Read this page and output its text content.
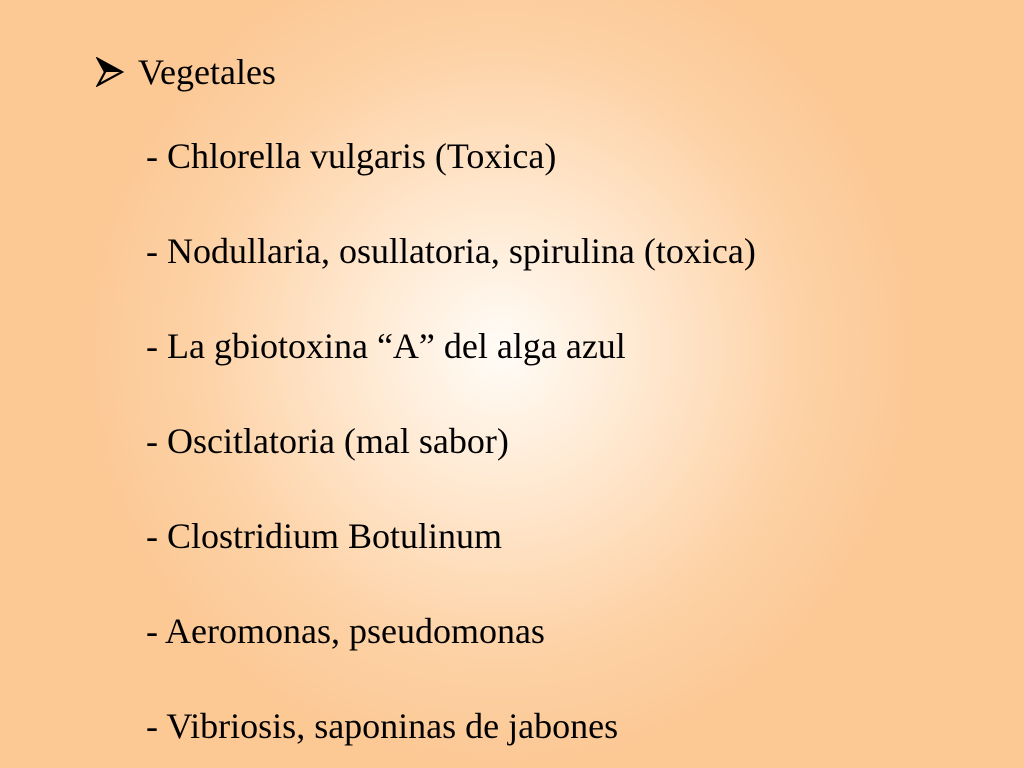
Vegetales
- Chlorella vulgaris (Toxica)
- Nodullaria, osullatoria, spirulina (toxica)
- La gbiotoxina “A” del alga azul
- Oscitlatoria (mal sabor)
- Clostridium Botulinum
- Aeromonas, pseudomonas
- Vibriosis, saponinas de jabones
